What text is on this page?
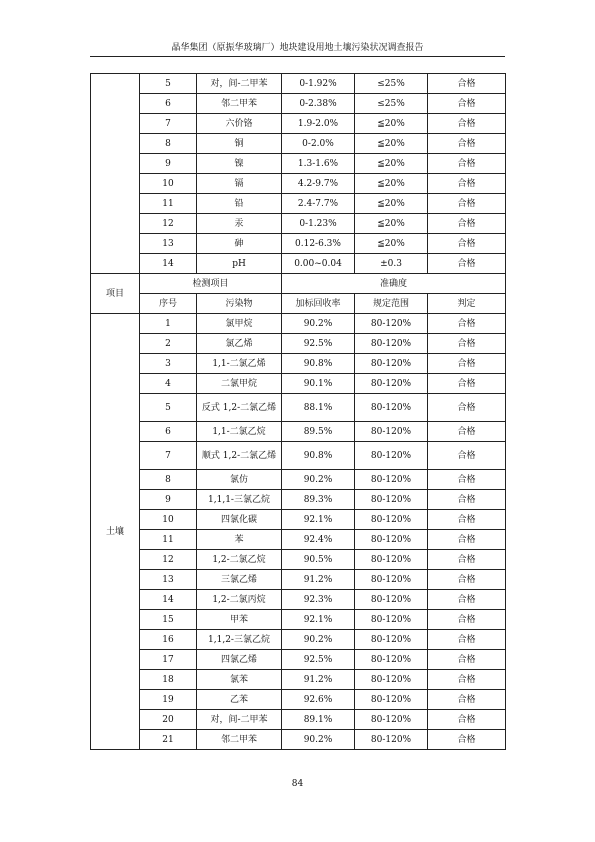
晶华集团（原振华玻璃厂）地块建设用地土壤污染状况调查报告
	5	对，间-二甲苯	0-1.92%	≤25%	合格
	6	邻二甲苯	0-2.38%	≤25%	合格
	7	六价铬	1.9-2.0%	≦20%	合格
	8	铜	0-2.0%	≦20%	合格
	9	镍	1.3-1.6%	≦20%	合格
	10	镉	4.2-9.7%	≦20%	合格
	11	铅	2.4-7.7%	≦20%	合格
	12	汞	0-1.23%	≦20%	合格
	13	砷	0.12-6.3%	≦20%	合格
	14	pH	0.00~0.04	±0.3	合格
项目	检测项目		准确度		
	序号	污染物	加标回收率	规定范围	判定
土壤	1	氯甲烷	90.2%	80-120%	合格
	2	氯乙烯	92.5%	80-120%	合格
	3	1,1-二氯乙烯	90.8%	80-120%	合格
	4	二氯甲烷	90.1%	80-120%	合格
	5	反式 1,2-二氯乙烯	88.1%	80-120%	合格
	6	1,1-二氯乙烷	89.5%	80-120%	合格
	7	顺式 1,2-二氯乙烯	90.8%	80-120%	合格
	8	氯仿	90.2%	80-120%	合格
	9	1,1,1-三氯乙烷	89.3%	80-120%	合格
	10	四氯化碳	92.1%	80-120%	合格
	11	苯	92.4%	80-120%	合格
	12	1,2-二氯乙烷	90.5%	80-120%	合格
	13	三氯乙烯	91.2%	80-120%	合格
	14	1,2-二氯丙烷	92.3%	80-120%	合格
	15	甲苯	92.1%	80-120%	合格
	16	1,1,2-三氯乙烷	90.2%	80-120%	合格
	17	四氯乙烯	92.5%	80-120%	合格
	18	氯苯	91.2%	80-120%	合格
	19	乙苯	92.6%	80-120%	合格
	20	对，间-二甲苯	89.1%	80-120%	合格
	21	邻二甲苯	90.2%	80-120%	合格
84
